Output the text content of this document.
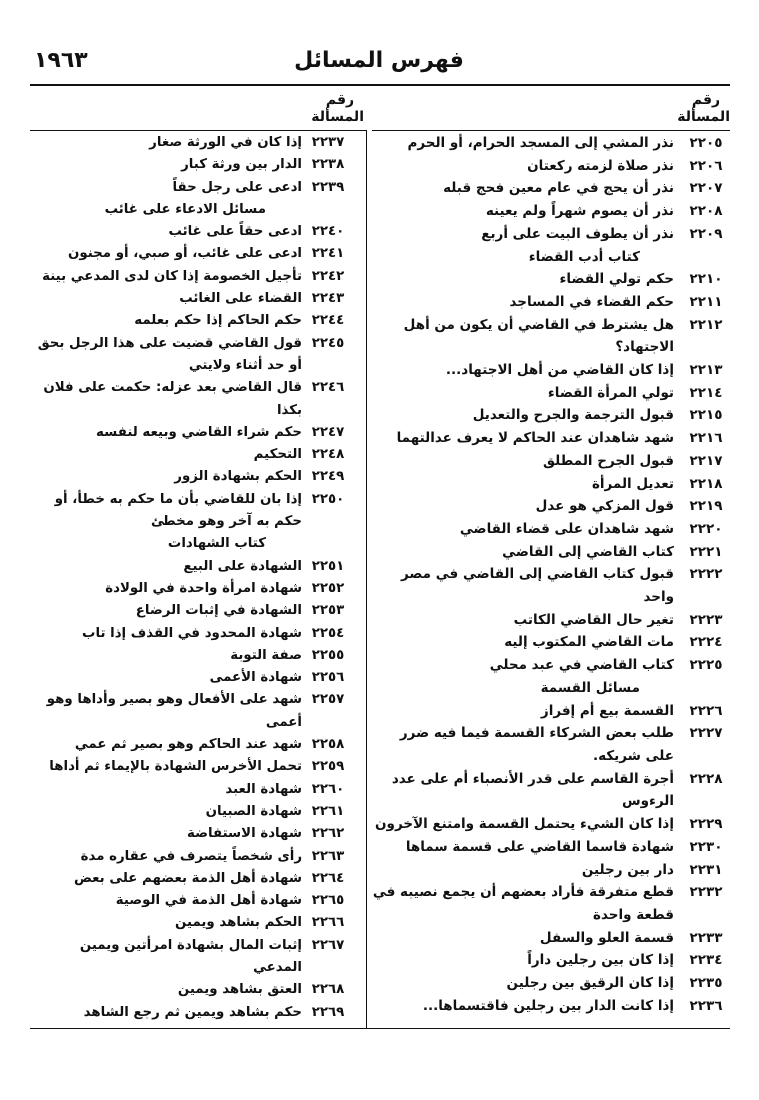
١٩٦٣	فهرس المسائل
رقم
المسألة
٢٢٠٥
نذر المشي إلى المسجد الحرام، أو الحرم
٢٢٠٦
نذر صلاة لزمته ركعتان
٢٢٠٧
نذر أن يحج في عام معين فحج قبله
٢٢٠٨
نذر أن يصوم شهراً ولم يعينه
٢٢٠٩
نذر أن يطوف البيت على أربع
كتاب أدب القضاء
٢٢١٠
حكم تولي القضاء
٢٢١١
حكم القضاء في المساجد
٢٢١٢
هل يشترط في القاضي أن يكون من أهل الاجتهاد؟
٢٢١٣
إذا كان القاضي من أهل الاجتهاد...
٢٢١٤
تولي المرأة القضاء
٢٢١٥
قبول الترجمة والجرح والتعديل
٢٢١٦
شهد شاهدان عند الحاكم لا يعرف عدالتهما
٢٢١٧
قبول الجرح المطلق
٢٢١٨
تعديل المرأة
٢٢١٩
قول المزكي هو عدل
٢٢٢٠
شهد شاهدان على قضاء القاضي
٢٢٢١
كتاب القاضي إلى القاضي
٢٢٢٢
قبول كتاب القاضي إلى القاضي في مصر واحد
٢٢٢٣
تغير حال القاضي الكاتب
٢٢٢٤
مات القاضي المكتوب إليه
٢٢٢٥
كتاب القاضي في عبد محلي
مسائل القسمة
٢٢٢٦
القسمة بيع أم إفراز
٢٢٢٧
طلب بعض الشركاء القسمة فيما فيه ضرر على شريكه.
٢٢٢٨
أجرة القاسم على قدر الأنصباء أم على عدد الرءوس
٢٢٢٩
إذا كان الشيء يحتمل القسمة وامتنع الآخرون
٢٢٣٠
شهادة قاسما القاضي على قسمة سماها
٢٢٣١
دار بين رجلين
٢٢٣٢
قطع متفرقة فأراد بعضهم أن يجمع نصيبه في قطعة واحدة
٢٢٣٣
قسمة العلو والسفل
٢٢٣٤
إذا كان بين رجلين داراً
٢٢٣٥
إذا كان الرقيق بين رجلين
٢٢٣٦
إذا كانت الدار بين رجلين فاقتسماها...
رقم
المسألة
٢٢٣٧
إذا كان في الورثة صغار
٢٢٣٨
الدار بين ورثة كبار
٢٢٣٩
ادعى على رجل حقاً
مسائل الادعاء على غائب
٢٢٤٠
ادعى حقاً على غائب
٢٢٤١
ادعى على غائب، أو صبي، أو مجنون
٢٢٤٢
تأجيل الخصومة إذا كان لدى المدعي بينة
٢٢٤٣
القضاء على الغائب
٢٢٤٤
حكم الحاكم إذا حكم بعلمه
٢٢٤٥
قول القاضي قضيت على هذا الرجل بحق أو حد أثناء ولايتي
٢٢٤٦
قال القاضي بعد عزله: حكمت على فلان بكذا
٢٢٤٧
حكم شراء القاضي وبيعه لنفسه
٢٢٤٨
التحكيم
٢٢٤٩
الحكم بشهادة الزور
٢٢٥٠
إذا بان للقاضي بأن ما حكم به خطأ، أو حكم به آخر وهو مخطئ
كتاب الشهادات
٢٢٥١
الشهادة على البيع
٢٢٥٢
شهادة امرأة واحدة في الولادة
٢٢٥٣
الشهادة في إثبات الرضاع
٢٢٥٤
شهادة المحدود في القذف إذا تاب
٢٢٥٥
صفة التوبة
٢٢٥٦
شهادة الأعمى
٢٢٥٧
شهد على الأفعال وهو بصير وأداها وهو أعمى
٢٢٥٨
شهد عند الحاكم وهو بصير ثم عمي
٢٢٥٩
تحمل الأخرس الشهادة بالإيماء ثم أداها
٢٢٦٠
شهادة العبد
٢٢٦١
شهادة الصبيان
٢٢٦٢
شهادة الاستفاضة
٢٢٦٣
رأى شخصاً يتصرف في عقاره مدة
٢٢٦٤
شهادة أهل الذمة بعضهم على بعض
٢٢٦٥
شهادة أهل الذمة في الوصية
٢٢٦٦
الحكم بشاهد ويمين
٢٢٦٧
إثبات المال بشهادة امرأتين ويمين المدعي
٢٢٦٨
العتق بشاهد ويمين
٢٢٦٩
حكم بشاهد ويمين ثم رجع الشاهد
